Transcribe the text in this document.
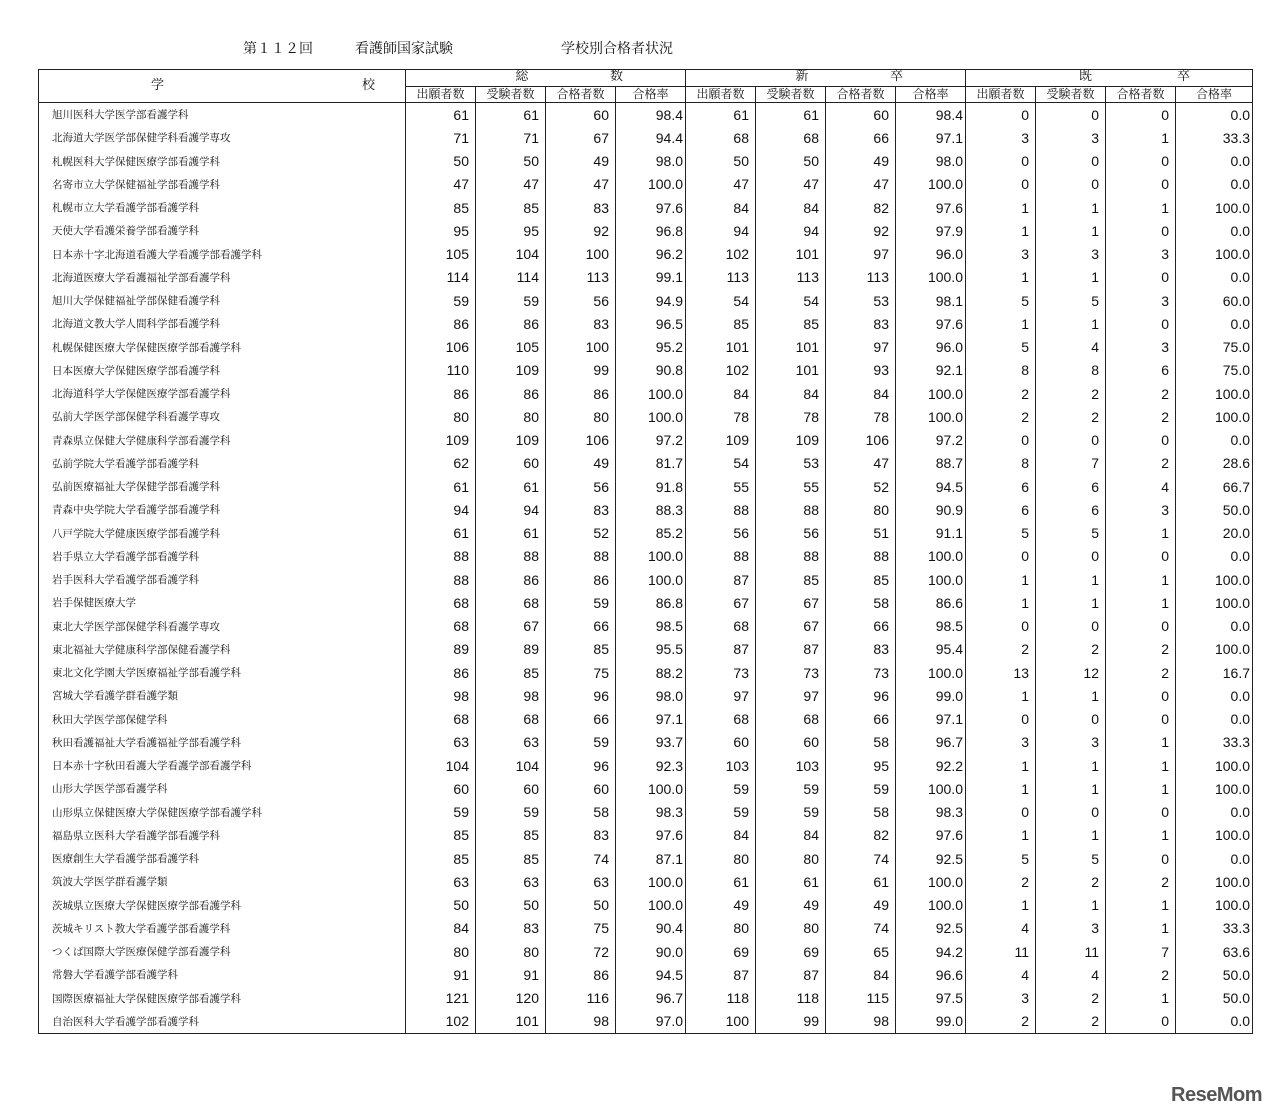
第１１２回

	看護師国家試験

	学校別合格者状況

学 校	総 数				新 卒				既 卒			

	出願者数	受験者数	合格者数	合格率	出願者数	受験者数	合格者数	合格率	出願者数	受験者数	合格者数	合格率
旭川医科大学医学部看護学科	61	61	60	98.4	61	61	60	98.4	0	0	0	0.0
北海道大学医学部保健学科看護学専攻	71	71	67	94.4	68	68	66	97.1	3	3	1	33.3
札幌医科大学保健医療学部看護学科	50	50	49	98.0	50	50	49	98.0	0	0	0	0.0
名寄市立大学保健福祉学部看護学科	47	47	47	100.0	47	47	47	100.0	0	0	0	0.0
札幌市立大学看護学部看護学科	85	85	83	97.6	84	84	82	97.6	1	1	1	100.0
天使大学看護栄養学部看護学科	95	95	92	96.8	94	94	92	97.9	1	1	0	0.0
日本赤十字北海道看護大学看護学部看護学科	105	104	100	96.2	102	101	97	96.0	3	3	3	100.0
北海道医療大学看護福祉学部看護学科	114	114	113	99.1	113	113	113	100.0	1	1	0	0.0
旭川大学保健福祉学部保健看護学科	59	59	56	94.9	54	54	53	98.1	5	5	3	60.0
北海道文教大学人間科学部看護学科	86	86	83	96.5	85	85	83	97.6	1	1	0	0.0
札幌保健医療大学保健医療学部看護学科	106	105	100	95.2	101	101	97	96.0	5	4	3	75.0
日本医療大学保健医療学部看護学科	110	109	99	90.8	102	101	93	92.1	8	8	6	75.0
北海道科学大学保健医療学部看護学科	86	86	86	100.0	84	84	84	100.0	2	2	2	100.0
弘前大学医学部保健学科看護学専攻	80	80	80	100.0	78	78	78	100.0	2	2	2	100.0
青森県立保健大学健康科学部看護学科	109	109	106	97.2	109	109	106	97.2	0	0	0	0.0
弘前学院大学看護学部看護学科	62	60	49	81.7	54	53	47	88.7	8	7	2	28.6
弘前医療福祉大学保健学部看護学科	61	61	56	91.8	55	55	52	94.5	6	6	4	66.7
青森中央学院大学看護学部看護学科	94	94	83	88.3	88	88	80	90.9	6	6	3	50.0
八戸学院大学健康医療学部看護学科	61	61	52	85.2	56	56	51	91.1	5	5	1	20.0
岩手県立大学看護学部看護学科	88	88	88	100.0	88	88	88	100.0	0	0	0	0.0
岩手医科大学看護学部看護学科	88	86	86	100.0	87	85	85	100.0	1	1	1	100.0
岩手保健医療大学	68	68	59	86.8	67	67	58	86.6	1	1	1	100.0
東北大学医学部保健学科看護学専攻	68	67	66	98.5	68	67	66	98.5	0	0	0	0.0
東北福祉大学健康科学部保健看護学科	89	89	85	95.5	87	87	83	95.4	2	2	2	100.0
東北文化学園大学医療福祉学部看護学科	86	85	75	88.2	73	73	73	100.0	13	12	2	16.7
宮城大学看護学群看護学類	98	98	96	98.0	97	97	96	99.0	1	1	0	0.0
秋田大学医学部保健学科	68	68	66	97.1	68	68	66	97.1	0	0	0	0.0
秋田看護福祉大学看護福祉学部看護学科	63	63	59	93.7	60	60	58	96.7	3	3	1	33.3
日本赤十字秋田看護大学看護学部看護学科	104	104	96	92.3	103	103	95	92.2	1	1	1	100.0
山形大学医学部看護学科	60	60	60	100.0	59	59	59	100.0	1	1	1	100.0
山形県立保健医療大学保健医療学部看護学科	59	59	58	98.3	59	59	58	98.3	0	0	0	0.0
福島県立医科大学看護学部看護学科	85	85	83	97.6	84	84	82	97.6	1	1	1	100.0
医療創生大学看護学部看護学科	85	85	74	87.1	80	80	74	92.5	5	5	0	0.0
筑波大学医学群看護学類	63	63	63	100.0	61	61	61	100.0	2	2	2	100.0
茨城県立医療大学保健医療学部看護学科	50	50	50	100.0	49	49	49	100.0	1	1	1	100.0
茨城キリスト教大学看護学部看護学科	84	83	75	90.4	80	80	74	92.5	4	3	1	33.3
つくば国際大学医療保健学部看護学科	80	80	72	90.0	69	69	65	94.2	11	11	7	63.6
常磐大学看護学部看護学科	91	91	86	94.5	87	87	84	96.6	4	4	2	50.0
国際医療福祉大学保健医療学部看護学科	121	120	116	96.7	118	118	115	97.5	3	2	1	50.0
自治医科大学看護学部看護学科	102	101	98	97.0	100	99	98	99.0	2	2	0	0.0
ReseMom
